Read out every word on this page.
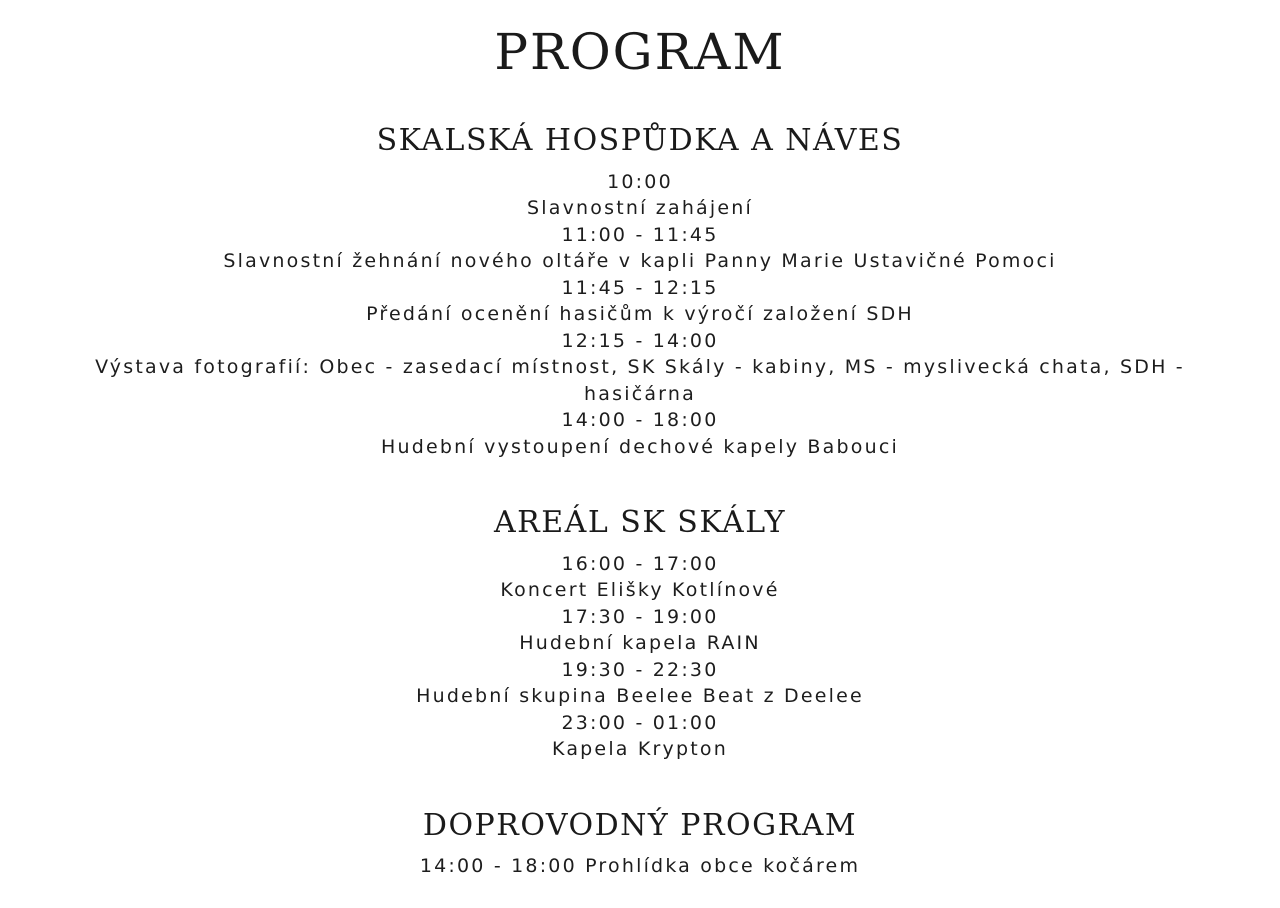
PROGRAM
SKALSKÁ HOSPŮDKA A NÁVES
10:00
Slavnostní zahájení
11:00 - 11:45
Slavnostní žehnání nového oltáře v kapli Panny Marie Ustavičné Pomoci
11:45 - 12:15
Předání ocenění hasičům k výročí založení SDH
12:15 - 14:00
Výstava fotografií: Obec - zasedací místnost, SK Skály - kabiny, MS - myslivecká chata, SDH - hasičárna
14:00 - 18:00
Hudební vystoupení dechové kapely Babouci
AREÁL SK SKÁLY
16:00 - 17:00
Koncert Elišky Kotlínové
17:30 - 19:00
Hudební kapela RAIN
19:30 - 22:30
Hudební skupina Beelee Beat z Deelee
23:00 - 01:00
Kapela Krypton
DOPROVODNÝ PROGRAM
14:00 - 18:00 Prohlídka obce kočárem
